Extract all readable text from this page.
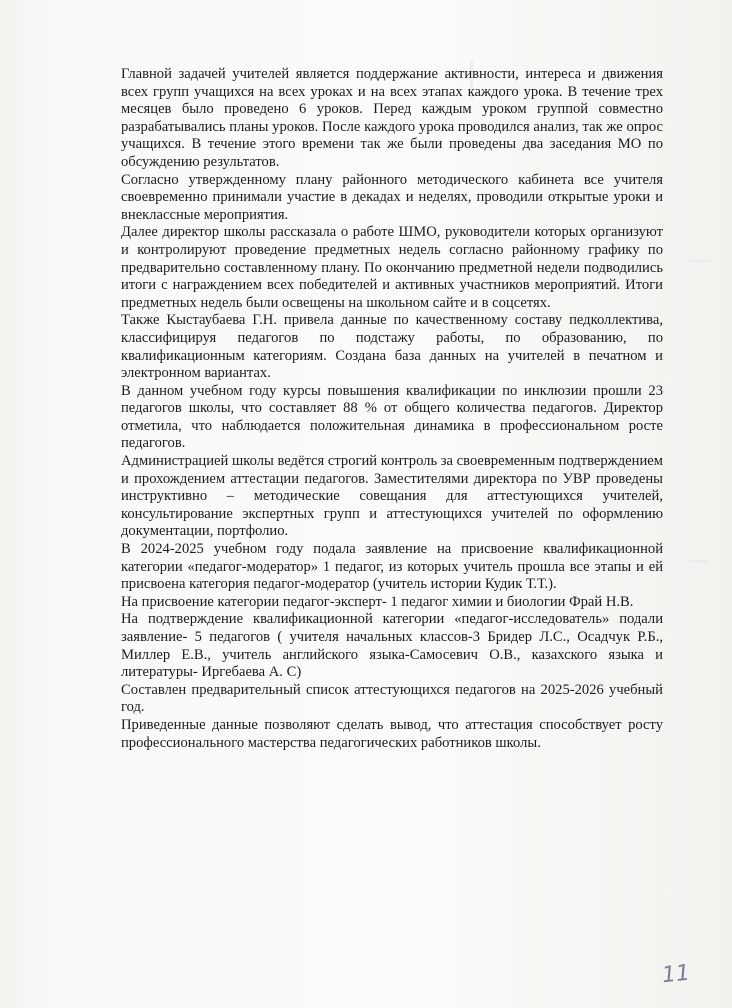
Главной задачей учителей является поддержание активности, интереса и движения всех групп учащихся на всех уроках и на всех этапах каждого урока. В течение трех месяцев было проведено 6 уроков. Перед каждым уроком группой совместно разрабатывались планы уроков. После каждого урока проводился анализ, так же опрос учащихся. В течение этого времени так же были проведены два заседания МО по обсуждению результатов.

Согласно утвержденному плану районного методического кабинета все учителя своевременно принимали участие в декадах и неделях, проводили открытые уроки и внеклассные мероприятия.

Далее директор школы рассказала о работе ШМО, руководители которых организуют и контролируют проведение предметных недель согласно районному графику по предварительно составленному плану. По окончанию предметной недели подводились итоги с награждением всех победителей и активных участников мероприятий. Итоги предметных недель были освещены на школьном сайте и в соцсетях.

Также Кыстаубаева Г.Н. привела данные по качественному составу педколлектива, классифицируя педагогов по подстажу работы, по образованию, по квалификационным категориям. Создана база данных на учителей в печатном и электронном вариантах.

В данном учебном году курсы повышения квалификации по инклюзии прошли 23 педагогов школы, что составляет 88 % от общего количества педагогов. Директор отметила, что наблюдается положительная динамика в профессиональном росте педагогов.

Администрацией школы ведётся строгий контроль за своевременным подтверждением и прохождением аттестации педагогов. Заместителями директора по УВР проведены инструктивно – методические совещания для аттестующихся учителей, консультирование экспертных групп и аттестующихся учителей по оформлению документации, портфолио.

В 2024-2025 учебном году подала заявление на присвоение квалификационной категории «педагог-модератор» 1 педагог, из которых учитель прошла все этапы и ей присвоена категория педагог-модератор (учитель истории Кудик Т.Т.).

На присвоение категории педагог-эксперт- 1 педагог химии и биологии Фрай Н.В.

На подтверждение квалификационной категории «педагог-исследователь» подали заявление- 5 педагогов ( учителя начальных классов-3 Бридер Л.С., Осадчук Р.Б., Миллер Е.В., учитель английского языка-Самосевич О.В., казахского языка и литературы- Иргебаева А. С)

Составлен предварительный список аттестующихся педагогов на 2025-2026 учебный год.

Приведенные данные позволяют сделать вывод, что аттестация способствует росту профессионального мастерства педагогических работников школы.

11
